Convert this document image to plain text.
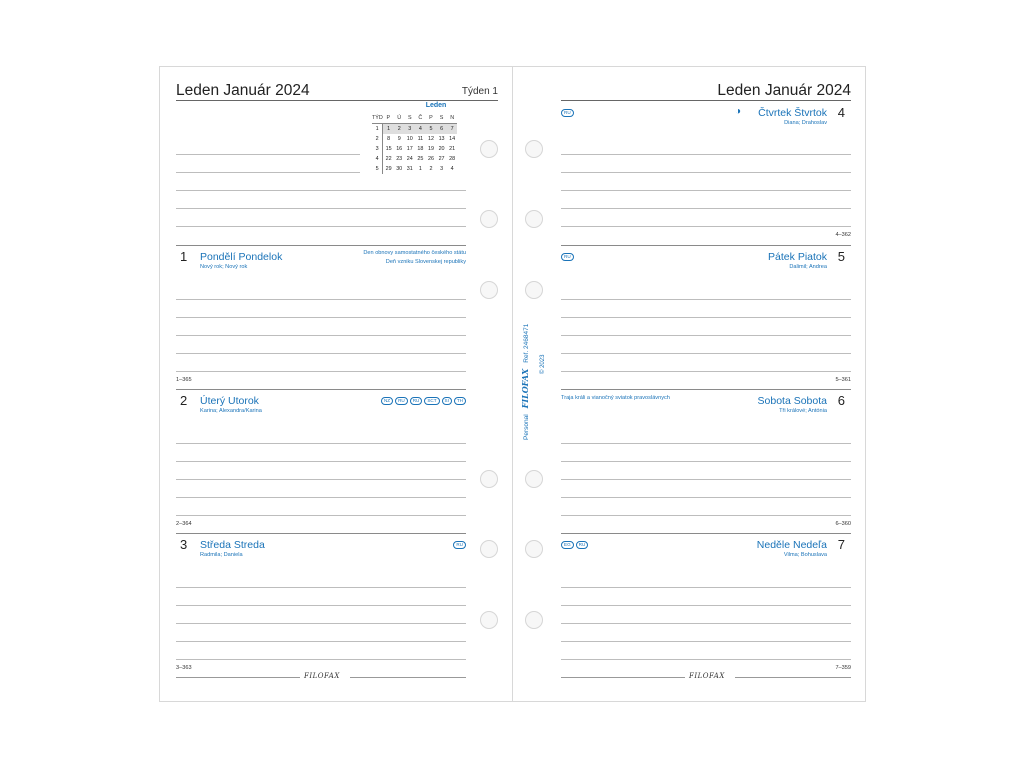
Leden Január 2024	Týden 1
Leden
TÝD	P	Ú	S	Č	P	S	N
1	1	2	3	4	5	6	7
2	8	9	10	11	12	13	14
3	15	16	17	18	19	20	21
4	22	23	24	25	26	27	28
5	29	30	31	1	2	3	4
1 Pondělí Pondelok
Nový rok; Nový rok
Den obnovy samostatného českého státu
Deň vzniku Slovenskej republiky
1–365
2 Úterý Utorok
Karina; Alexandra/Karina
NZ	RU	RU	SCT	SI	TH
2–364
3 Středa Streda
Radmila; Daniela
RU
3–363
FILOFAX
Leden Január 2024
RU	◑ Čtvrtek Štvrtok 4
Diana; Drahoslav
4–362
RU	Pátek Piatok 5
Dalimil; Andrea
5–361
Traja králi a vianočný sviatok pravoslávnych	Sobota Sobota 6
Tři králové; Antónia
6–360
EG	RU	Neděle Nedeľa 7
Vilma; Bohuslava
7–359
FILOFAX
Personal
FILOFAX
Ref. 2468471
© 2023
